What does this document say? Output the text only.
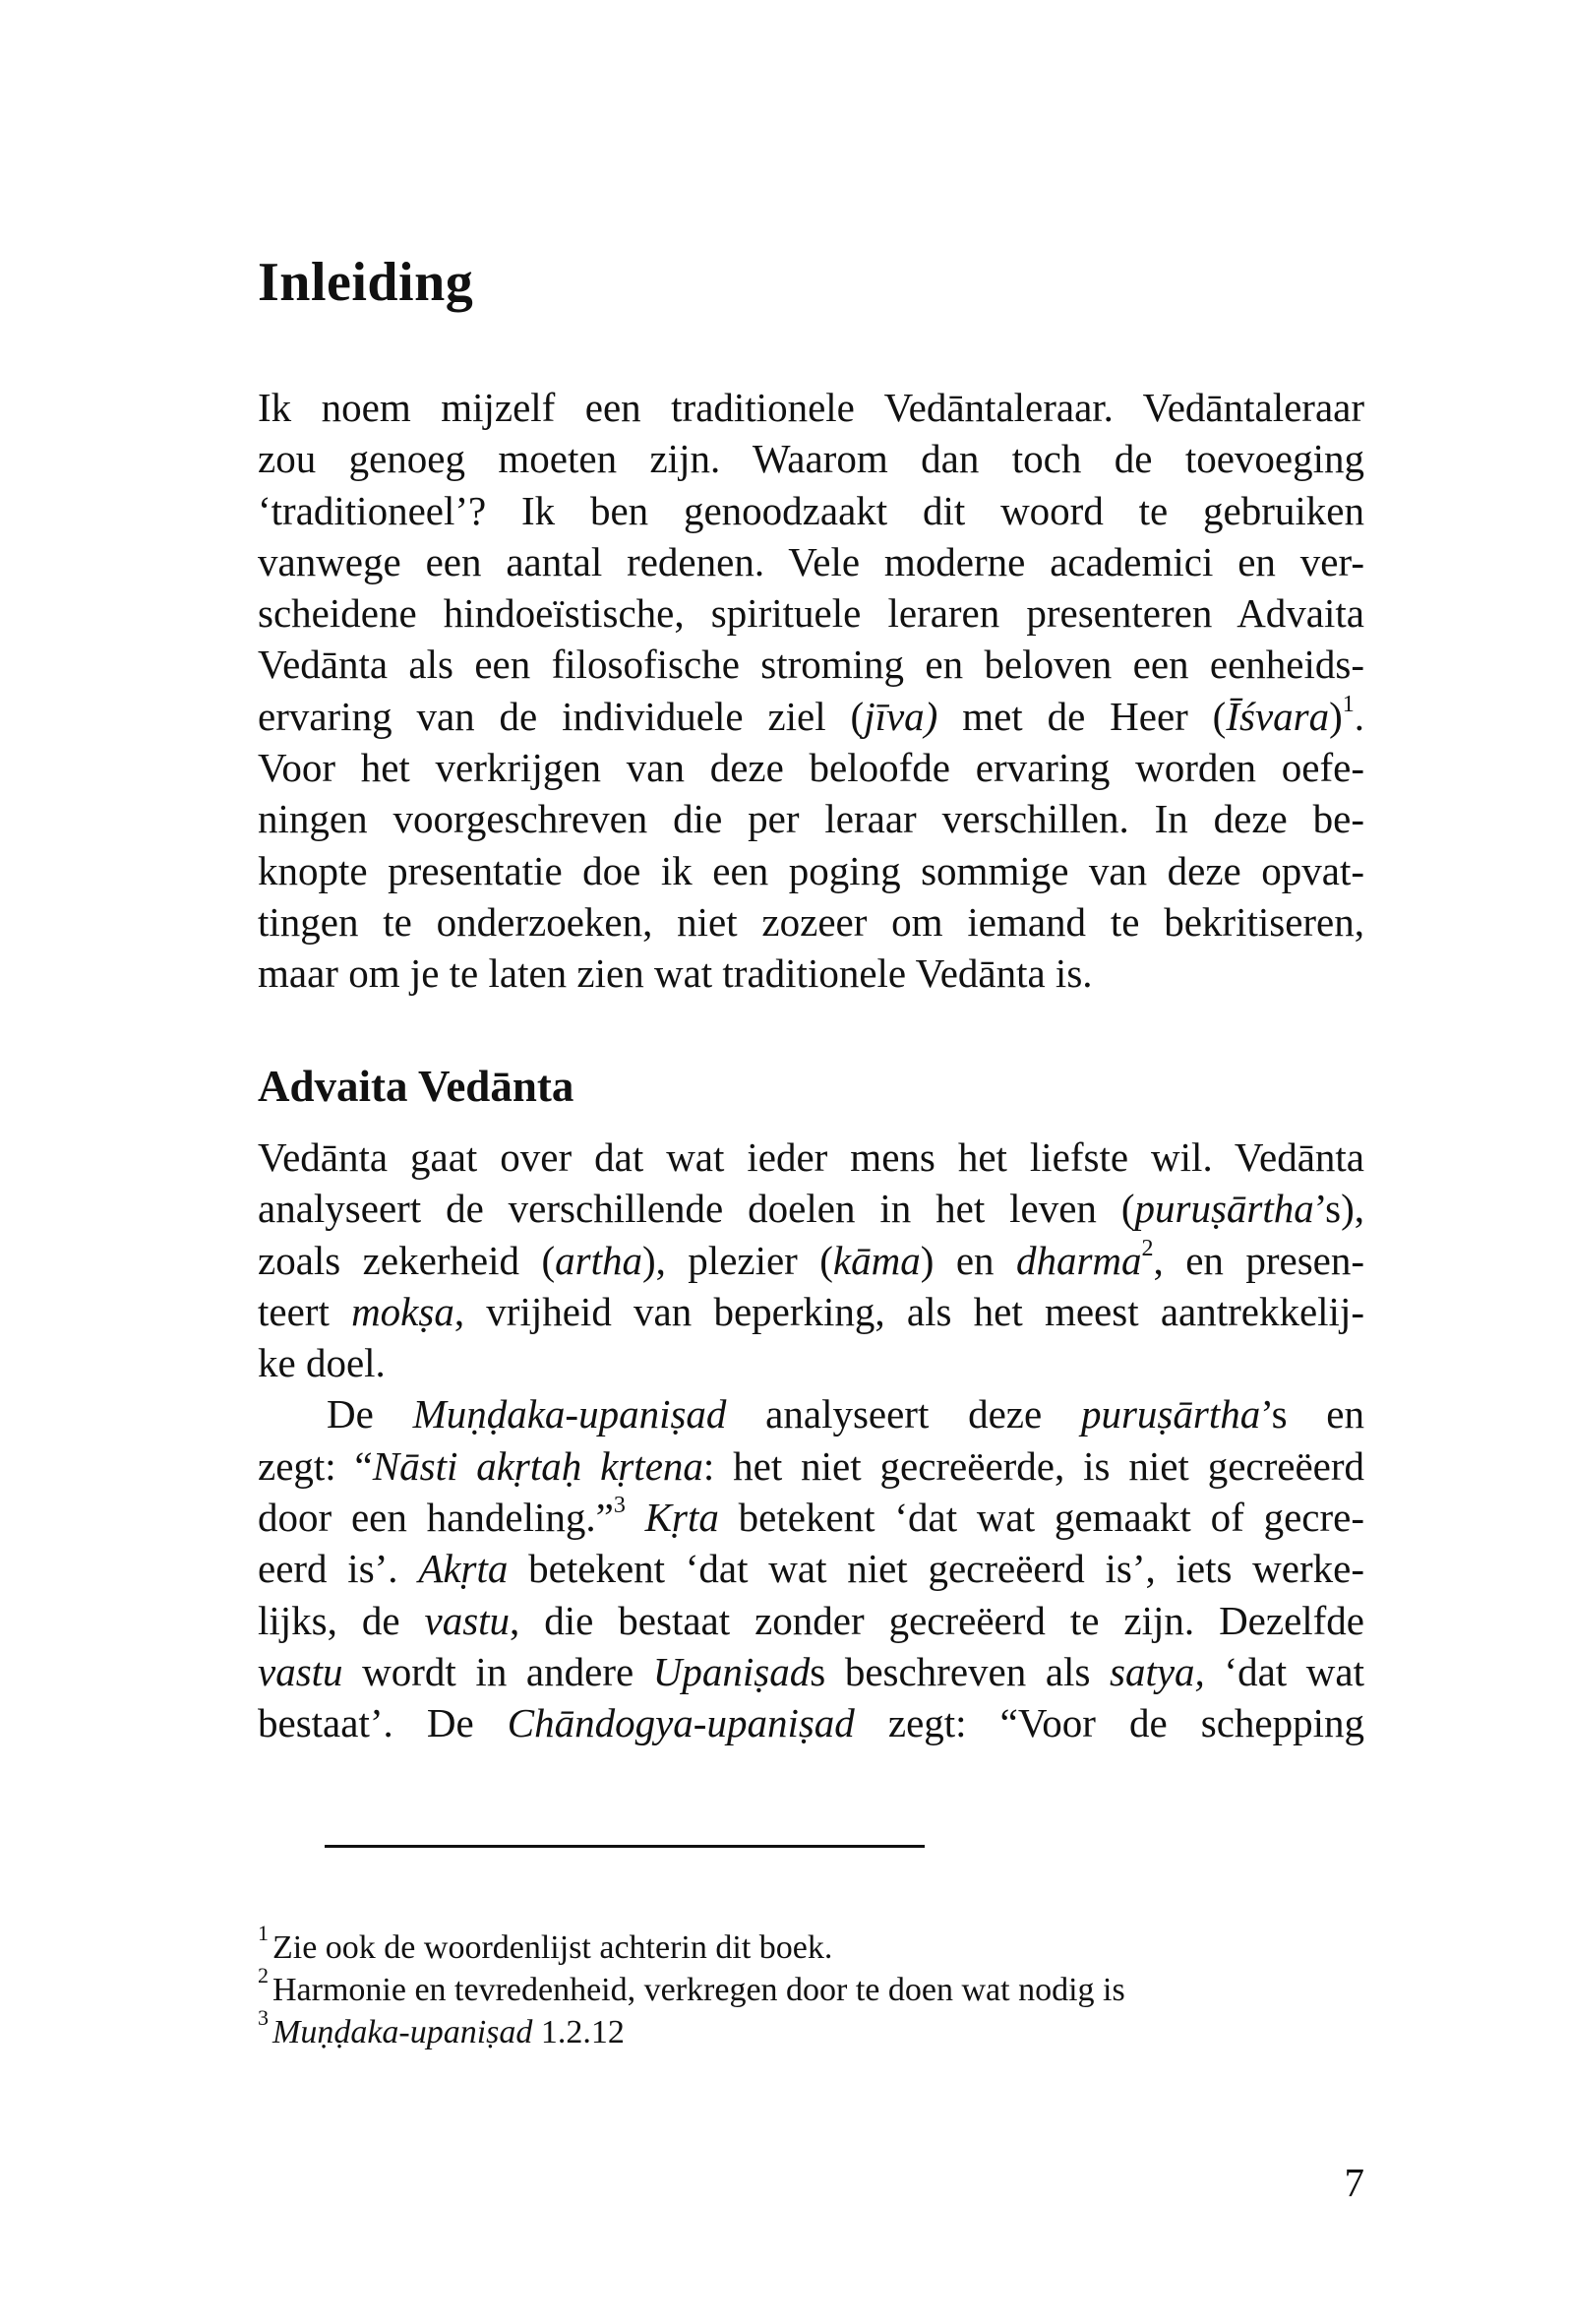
Inleiding
Ik noem mijzelf een traditionele Vedāntaleraar. Vedāntaleraar
zou genoeg moeten zijn. Waarom dan toch de toevoeging
‘traditioneel’? Ik ben genoodzaakt dit woord te gebruiken
vanwege een aantal redenen. Vele moderne academici en ver-
scheidene hindoeïstische, spirituele leraren presenteren Advaita
Vedānta als een filosofische stroming en beloven een eenheids-
ervaring van de individuele ziel (jīva) met de Heer (Īśvara)$^1$.
Voor het verkrijgen van deze beloofde ervaring worden oefe-
ningen voorgeschreven die per leraar verschillen. In deze be-
knopte presentatie doe ik een poging sommige van deze opvat-
tingen te onderzoeken, niet zozeer om iemand te bekritiseren,
maar om je te laten zien wat traditionele Vedānta is.
Advaita Vedānta
Vedānta gaat over dat wat ieder mens het liefste wil. Vedānta
analyseert de verschillende doelen in het leven (puruṣārtha’s),
zoals zekerheid (artha), plezier (kāma) en dharma$^2$, en presen-
teert mokṣa, vrijheid van beperking, als het meest aantrekkelij-
ke doel.
De Muṇḍaka-upaniṣad analyseert deze puruṣārtha’s en
zegt: “Nāsti akṛtaḥ kṛtena: het niet gecreëerde, is niet gecreëerd
door een handeling.”$^3$ Kṛta betekent ‘dat wat gemaakt of gecre-
eerd is’. Akṛta betekent ‘dat wat niet gecreëerd is’, iets werke-
lijks, de vastu, die bestaat zonder gecreëerd te zijn. Dezelfde
vastu wordt in andere Upaniṣads beschreven als satya, ‘dat wat
bestaat’. De Chāndogya-upaniṣad zegt: “Voor de schepping
$^1$ Zie ook de woordenlijst achterin dit boek.
$^2$ Harmonie en tevredenheid, verkregen door te doen wat nodig is
$^3$ Muṇḍaka-upaniṣad 1.2.12
7
